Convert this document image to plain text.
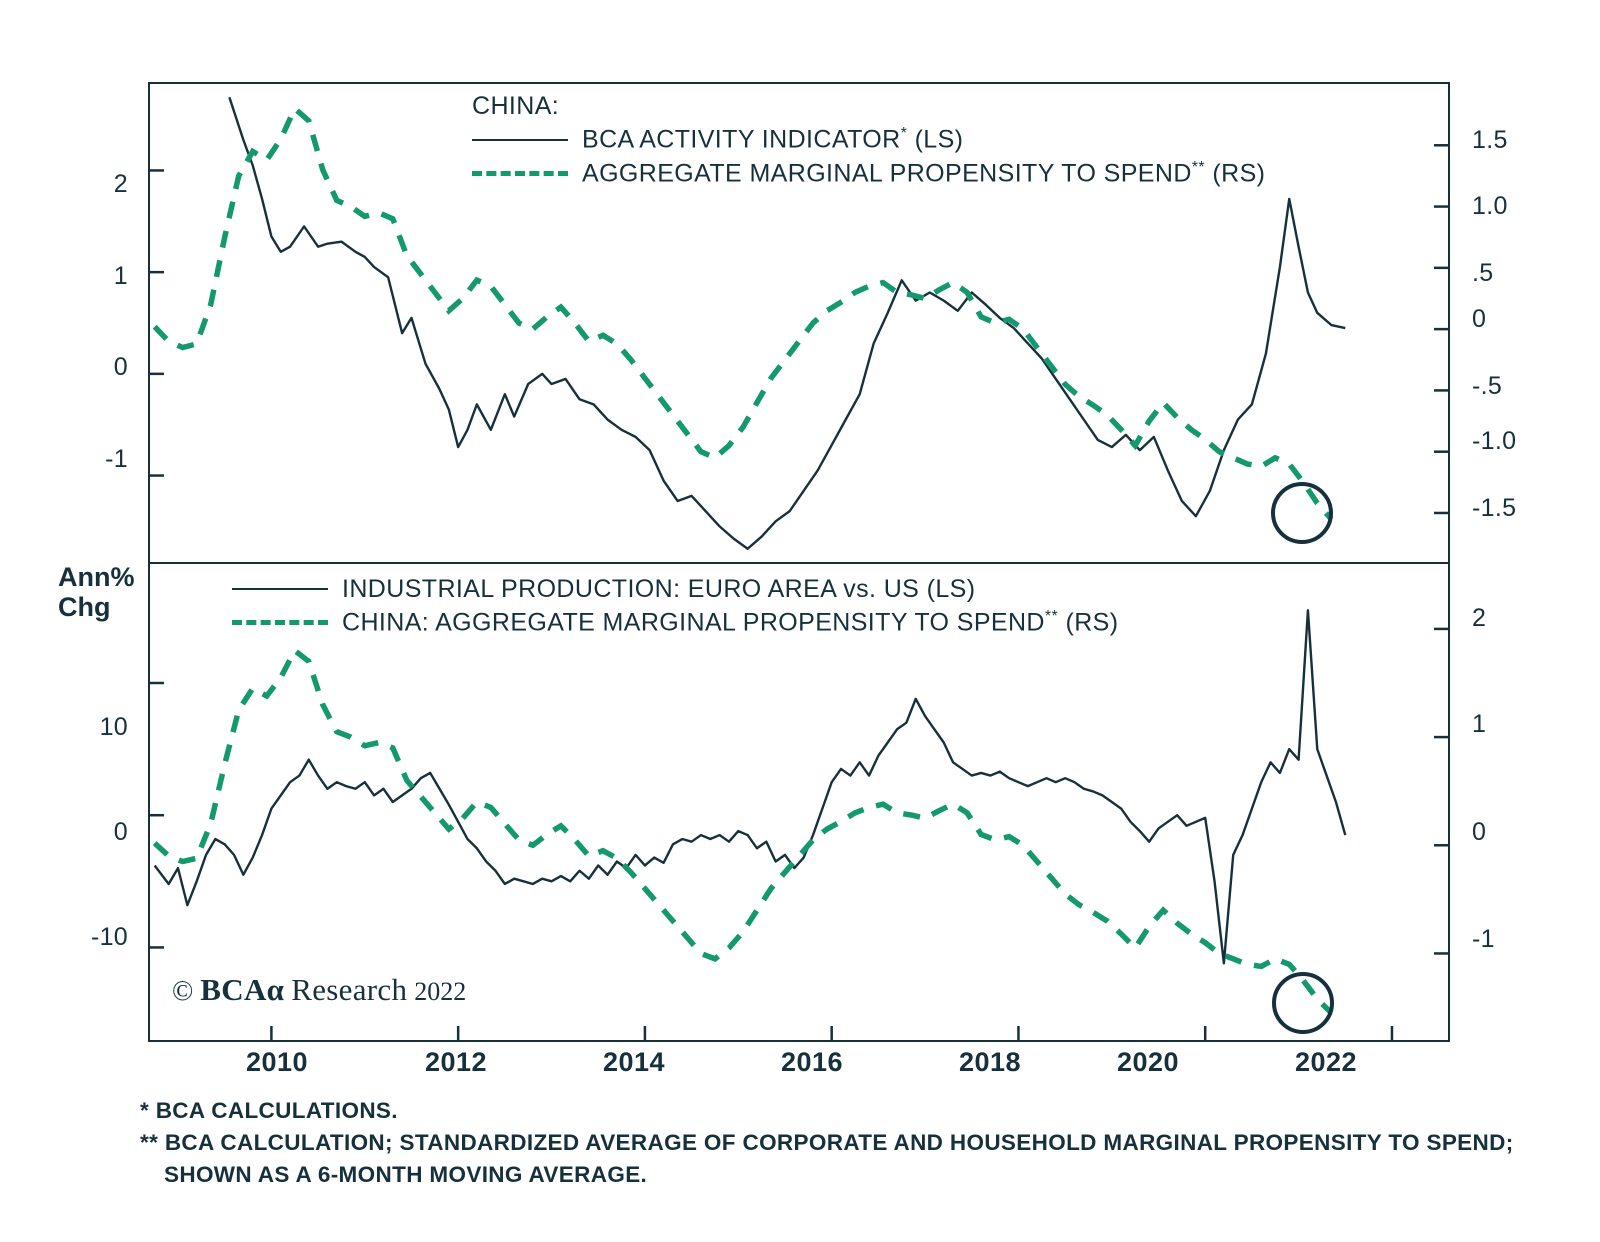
CHINA:
BCA ACTIVITY INDICATOR* (LS)
AGGREGATE MARGINAL PROPENSITY TO SPEND** (RS)
2
1
0
-1
1.5
1.0
.5
0
-.5
-1.0
-1.5
INDUSTRIAL PRODUCTION: EURO AREA vs. US (LS)
CHINA: AGGREGATE MARGINAL PROPENSITY TO SPEND** (RS)
Ann%
Chg
10
0
-10
2
1
0
-1
© BCAα Research 2022
2010	2012	2014	2016	2018	2020	2022
* BCA CALCULATIONS.
** BCA CALCULATION; STANDARDIZED AVERAGE OF CORPORATE AND HOUSEHOLD MARGINAL PROPENSITY TO SPEND;
SHOWN AS A 6-MONTH MOVING AVERAGE.
